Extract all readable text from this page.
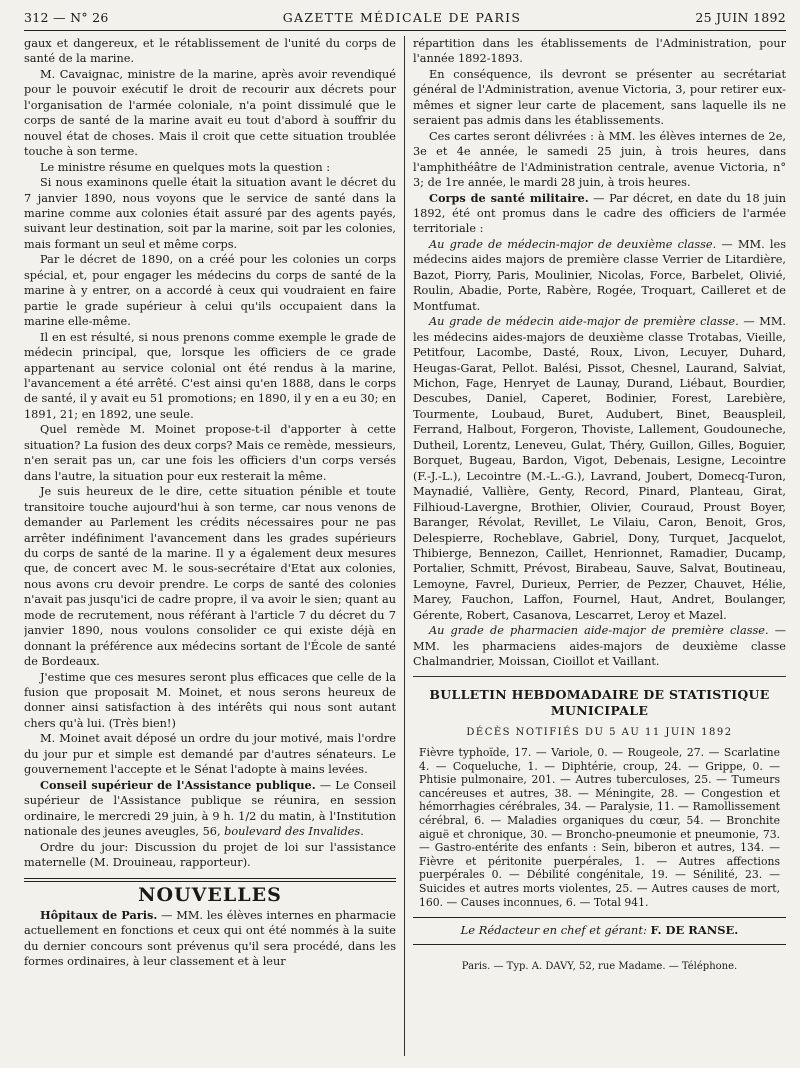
312 — N° 26	GAZETTE MÉDICALE DE PARIS	25 JUIN 1892

gaux et dangereux, et le rétablissement de l'unité du corps de santé de la marine.

M. Cavaignac, ministre de la marine, après avoir revendiqué pour le pouvoir exécutif le droit de recourir aux décrets pour l'organisation de l'armée coloniale, n'a point dissimulé que le corps de santé de la marine avait eu tout d'abord à souffrir du nouvel état de choses. Mais il croit que cette situation troublée touche à son terme.

Le ministre résume en quelques mots la question :

Si nous examinons quelle était la situation avant le décret du 7 janvier 1890, nous voyons que le service de santé dans la marine comme aux colonies était assuré par des agents payés, suivant leur destination, soit par la marine, soit par les colonies, mais formant un seul et même corps.

Par le décret de 1890, on a créé pour les colonies un corps spécial, et, pour engager les médecins du corps de santé de la marine à y entrer, on a accordé à ceux qui voudraient en faire partie le grade supérieur à celui qu'ils occupaient dans la marine elle-même.

Il en est résulté, si nous prenons comme exemple le grade de médecin principal, que, lorsque les officiers de ce grade appartenant au service colonial ont été rendus à la marine, l'avancement a été arrêté. C'est ainsi qu'en 1888, dans le corps de santé, il y avait eu 51 promotions; en 1890, il y en a eu 30; en 1891, 21; en 1892, une seule.

Quel remède M. Moinet propose-t-il d'apporter à cette situation? La fusion des deux corps? Mais ce remède, messieurs, n'en serait pas un, car une fois les officiers d'un corps versés dans l'autre, la situation pour eux resterait la même.

Je suis heureux de le dire, cette situation pénible et toute transitoire touche aujourd'hui à son terme, car nous venons de demander au Parlement les crédits nécessaires pour ne pas arrêter indéfiniment l'avancement dans les grades supérieurs du corps de santé de la marine. Il y a également deux mesures que, de concert avec M. le sous-secrétaire d'Etat aux colonies, nous avons cru devoir prendre. Le corps de santé des colonies n'avait pas jusqu'ici de cadre propre, il va avoir le sien; quant au mode de recrutement, nous référant à l'article 7 du décret du 7 janvier 1890, nous voulons consolider ce qui existe déjà en donnant la préférence aux médecins sortant de l'École de santé de Bordeaux.

J'estime que ces mesures seront plus efficaces que celle de la fusion que proposait M. Moinet, et nous serons heureux de donner ainsi satisfaction à des intérêts qui nous sont autant chers qu'à lui. (Très bien!)

M. Moinet avait déposé un ordre du jour motivé, mais l'ordre du jour pur et simple est demandé par d'autres sénateurs. Le gouvernement l'accepte et le Sénat l'adopte à mains levées.

Conseil supérieur de l'Assistance publique. — Le Conseil supérieur de l'Assistance publique se réunira, en session ordinaire, le mercredi 29 juin, à 9 h. 1/2 du matin, à l'Institution nationale des jeunes aveugles, 56, boulevard des Invalides.

Ordre du jour: Discussion du projet de loi sur l'assistance maternelle (M. Drouineau, rapporteur).

NOUVELLES

Hôpitaux de Paris. — MM. les élèves internes en pharmacie actuellement en fonctions et ceux qui ont été nommés à la suite du dernier concours sont prévenus qu'il sera procédé, dans les formes ordinaires, à leur classement et à leur

répartition dans les établissements de l'Administration, pour l'année 1892-1893.

En conséquence, ils devront se présenter au secrétariat général de l'Administration, avenue Victoria, 3, pour retirer eux-mêmes et signer leur carte de placement, sans laquelle ils ne seraient pas admis dans les établissements.

Ces cartes seront délivrées : à MM. les élèves internes de 2e, 3e et 4e année, le samedi 25 juin, à trois heures, dans l'amphithéâtre de l'Administration centrale, avenue Victoria, n° 3; de 1re année, le mardi 28 juin, à trois heures.

Corps de santé militaire. — Par décret, en date du 18 juin 1892, été ont promus dans le cadre des officiers de l'armée territoriale :

Au grade de médecin-major de deuxième classe. — MM. les médecins aides majors de première classe Verrier de Litardière, Bazot, Piorry, Paris, Moulinier, Nicolas, Force, Barbelet, Olivié, Roulin, Abadie, Porte, Rabère, Rogée, Troquart, Cailleret et de Montfumat.

Au grade de médecin aide-major de première classe. — MM. les médecins aides-majors de deuxième classe Trotabas, Vieille, Petitfour, Lacombe, Dasté, Roux, Livon, Lecuyer, Duhard, Heugas-Garat, Pellot. Balési, Pissot, Chesnel, Laurand, Salviat, Michon, Fage, Henryet de Launay, Durand, Liébaut, Bourdier, Descubes, Daniel, Caperet, Bodinier, Forest, Larebière, Tourmente, Loubaud, Buret, Audubert, Binet, Beauspleil, Ferrand, Halbout, Forgeron, Thoviste, Lallement, Goudouneche, Dutheil, Lorentz, Leneveu, Gulat, Théry, Guillon, Gilles, Boguier, Borquet, Bugeau, Bardon, Vigot, Debenais, Lesigne, Lecointre (F.-J.-L.), Lecointre (M.-L.-G.), Lavrand, Joubert, Domecq-Turon, Maynadié, Vallière, Genty, Record, Pinard, Planteau, Girat, Filhioud-Lavergne, Brothier, Olivier, Couraud, Proust Boyer, Baranger, Révolat, Revillet, Le Vilaiu, Caron, Benoit, Gros, Delespierre, Rocheblave, Gabriel, Dony, Turquet, Jacquelot, Thibierge, Bennezon, Caillet, Henrionnet, Ramadier, Ducamp, Portalier, Schmitt, Prévost, Birabeau, Sauve, Salvat, Boutineau, Lemoyne, Favrel, Durieux, Perrier, de Pezzer, Chauvet, Hélie, Marey, Fauchon, Laffon, Fournel, Haut, Andret, Boulanger, Gérente, Robert, Casanova, Lescarret, Leroy et Mazel.

Au grade de pharmacien aide-major de première classe. — MM. les pharmaciens aides-majors de deuxième classe Chalmandrier, Moissan, Cioillot et Vaillant.

BULLETIN HEBDOMADAIRE DE STATISTIQUE
MUNICIPALE
DÉCÈS NOTIFIÉS DU 5 AU 11 JUIN 1892
Fièvre typhoïde, 17. — Variole, 0. — Rougeole, 27. — Scarlatine 4. — Coqueluche, 1. — Diphtérie, croup, 24. — Grippe, 0. — Phtisie pulmonaire, 201. — Autres tuberculoses, 25. — Tumeurs cancéreuses et autres, 38. — Méningite, 28. — Congestion et hémorrhagies cérébrales, 34. — Paralysie, 11. — Ramollissement cérébral, 6. — Maladies organiques du cœur, 54. — Bronchite aiguë et chronique, 30. — Broncho-pneumonie et pneumonie, 73. — Gastro-entérite des enfants : Sein, biberon et autres, 134. — Fièvre et péritonite puerpérales, 1. — Autres affections puerpérales 0. — Débilité congénitale, 19. — Sénilité, 23. — Suicides et autres morts violentes, 25. — Autres causes de mort, 160. — Causes inconnues, 6. — Total 941.
Le Rédacteur en chef et gérant: F. DE RANSE.
Paris. — Typ. A. DAVY, 52, rue Madame. — Téléphone.
